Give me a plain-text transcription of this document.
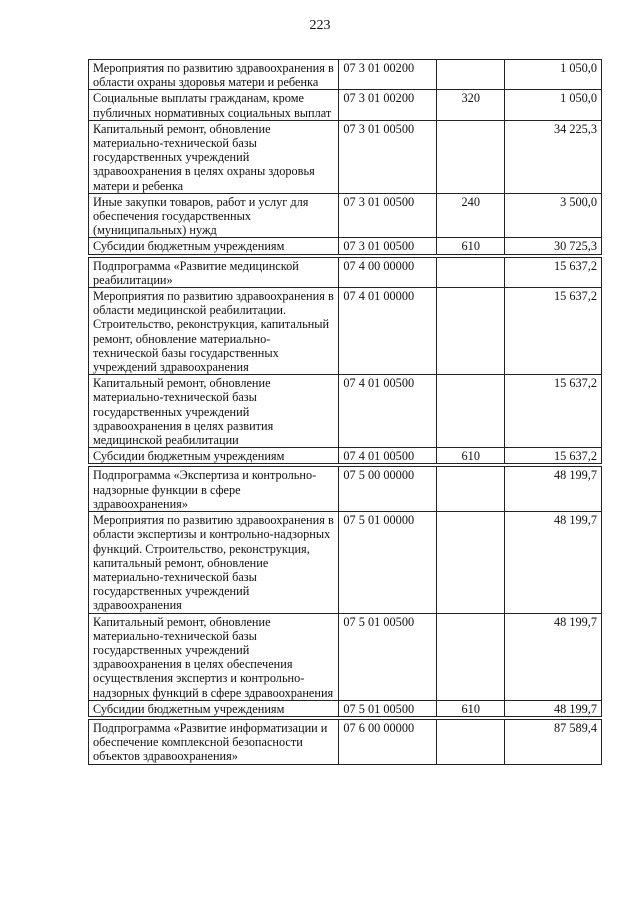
223
Мероприятия по развитию здравоохранения в области охраны здоровья матери и ребенка	07 3 01 00200		1 050,0
Социальные выплаты гражданам, кроме публичных нормативных социальных выплат	07 3 01 00200	320	1 050,0
Капитальный ремонт, обновление материально-технической базы государственных учреждений здравоохранения в целях охраны здоровья матери и ребенка	07 3 01 00500		34 225,3
Иные закупки товаров, работ и услуг для обеспечения государственных (муниципальных) нужд	07 3 01 00500	240	3 500,0
Субсидии бюджетным учреждениям	07 3 01 00500	610	30 725,3

Подпрограмма «Развитие медицинской реабилитации»	07 4 00 00000		15 637,2
Мероприятия по развитию здравоохранения в области медицинской реабилитации. Строительство, реконструкция, капитальный ремонт, обновление материально-технической базы государственных учреждений здравоохранения	07 4 01 00000		15 637,2
Капитальный ремонт, обновление материально-технической базы государственных учреждений здравоохранения в целях развития медицинской реабилитации	07 4 01 00500		15 637,2
Субсидии бюджетным учреждениям	07 4 01 00500	610	15 637,2

Подпрограмма «Экспертиза и контрольно-надзорные функции в сфере здравоохранения»	07 5 00 00000		48 199,7
Мероприятия по развитию здравоохранения в области экспертизы и контрольно-надзорных функций. Строительство, реконструкция, капитальный ремонт, обновление материально-технической базы государственных учреждений здравоохранения	07 5 01 00000		48 199,7
Капитальный ремонт, обновление материально-технической базы государственных учреждений здравоохранения в целях обеспечения осуществления экспертиз и контрольно-надзорных функций в сфере здравоохранения	07 5 01 00500		48 199,7
Субсидии бюджетным учреждениям	07 5 01 00500	610	48 199,7

Подпрограмма «Развитие информатизации и обеспечение комплексной безопасности объектов здравоохранения»	07 6 00 00000		87 589,4
